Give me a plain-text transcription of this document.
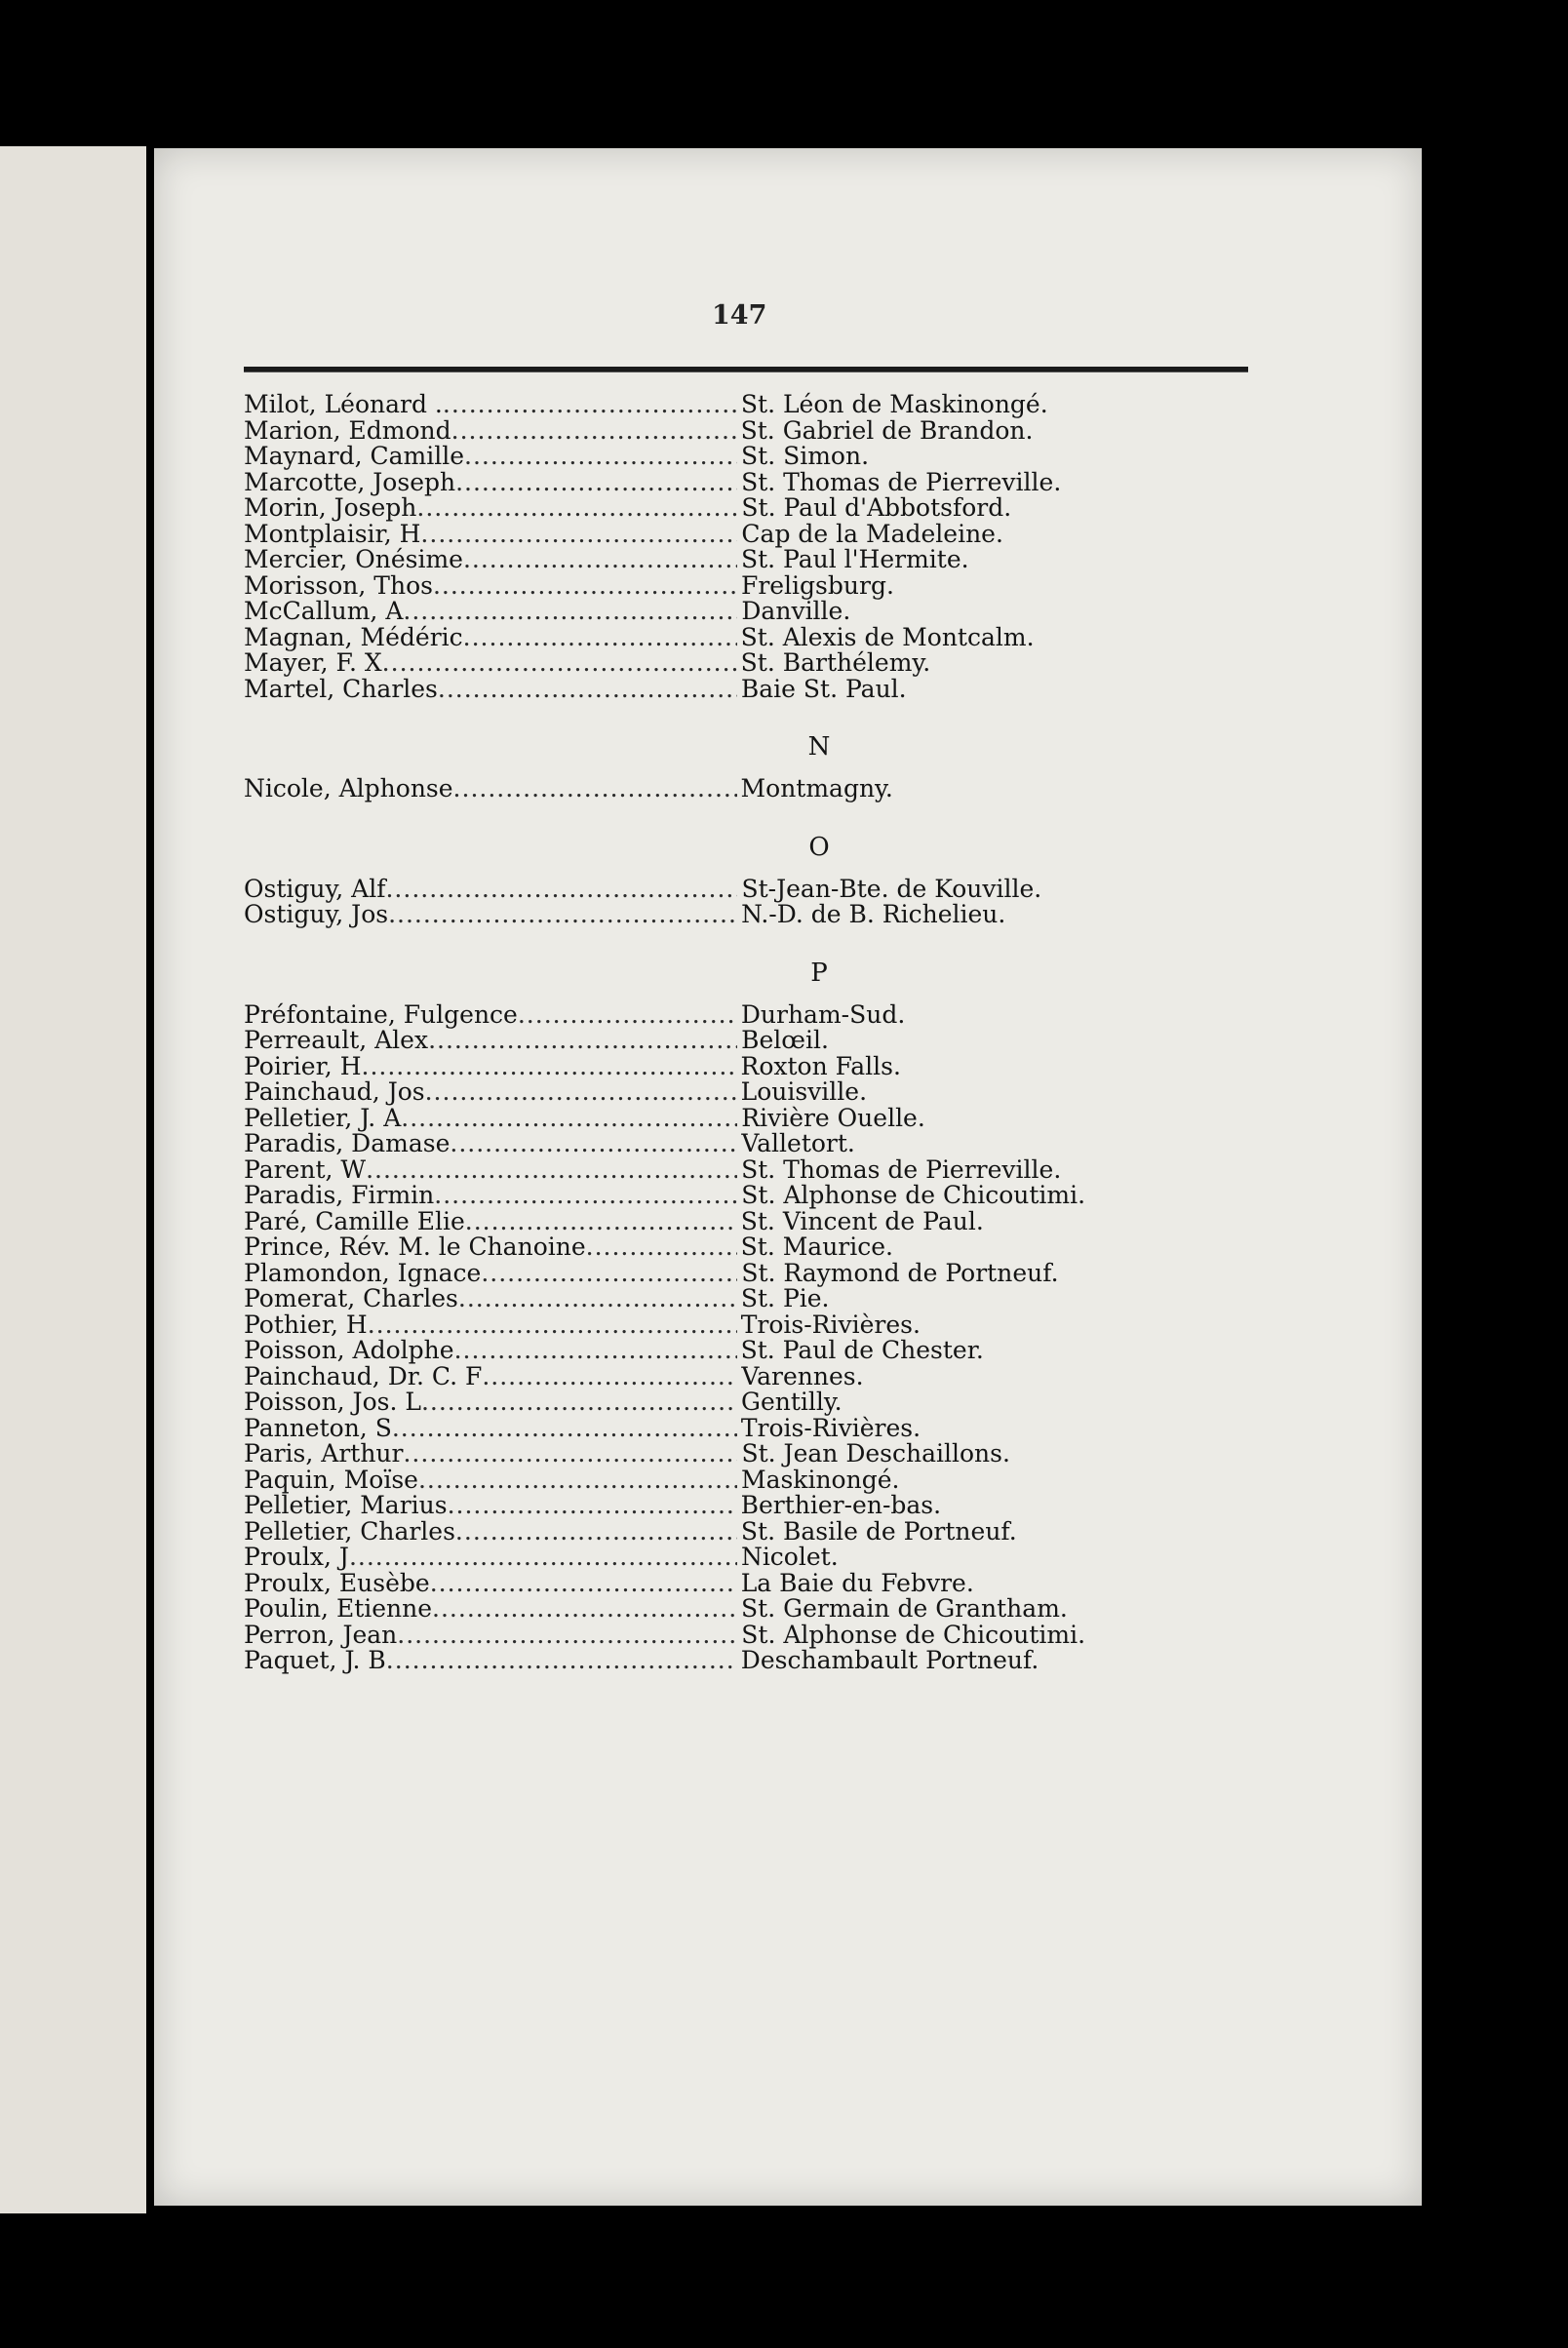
147
Milot, Léonard . .....	St. Léon de Maskinongé.
Marion, Edmond .....	St. Gabriel de Brandon.
Maynard, Camille .....	St. Simon.
Marcotte, Joseph .....	St. Thomas de Pierreville.
Morin, Joseph .....	St. Paul d'Abbotsford.
Montplaisir, H .....	Cap de la Madeleine.
Mercier, Onésime .....	St. Paul l'Hermite.
Morisson, Thos .....	Freligsburg.
McCallum, A .....	Danville.
Magnan, Médéric .....	St. Alexis de Montcalm.
Mayer, F. X .....	St. Barthélemy.
Martel, Charles .....	Baie St. Paul.
N
Nicole, Alphonse .....	Montmagny.
O
Ostiguy, Alf .....	St-Jean-Bte. de Kouville.
Ostiguy, Jos .....	N.-D. de B. Richelieu.
P
Préfontaine, Fulgence .....	Durham-Sud.
Perreault, Alex .....	Belœil.
Poirier, H .....	Roxton Falls.
Painchaud, Jos .....	Louisville.
Pelletier, J. A .....	Rivière Ouelle.
Paradis, Damase .....	Valletort.
Parent, W .....	St. Thomas de Pierreville.
Paradis, Firmin .....	St. Alphonse de Chicoutimi.
Paré, Camille Elie .....	St. Vincent de Paul.
Prince, Rév. M. le Chanoine .....	St. Maurice.
Plamondon, Ignace .....	St. Raymond de Portneuf.
Pomerat, Charles .....	St. Pie.
Pothier, H .....	Trois-Rivières.
Poisson, Adolphe .....	St. Paul de Chester.
Painchaud, Dr. C. F .....	Varennes.
Poisson, Jos. L .....	Gentilly.
Panneton, S .....	Trois-Rivières.
Paris, Arthur .....	St. Jean Deschaillons.
Paquin, Moïse .....	Maskinongé.
Pelletier, Marius .....	Berthier-en-bas.
Pelletier, Charles .....	St. Basile de Portneuf.
Proulx, J .....	Nicolet.
Proulx, Eusèbe .....	La Baie du Febvre.
Poulin, Etienne .....	St. Germain de Grantham.
Perron, Jean .....	St. Alphonse de Chicoutimi.
Paquet, J. B .....	Deschambault Portneuf.
